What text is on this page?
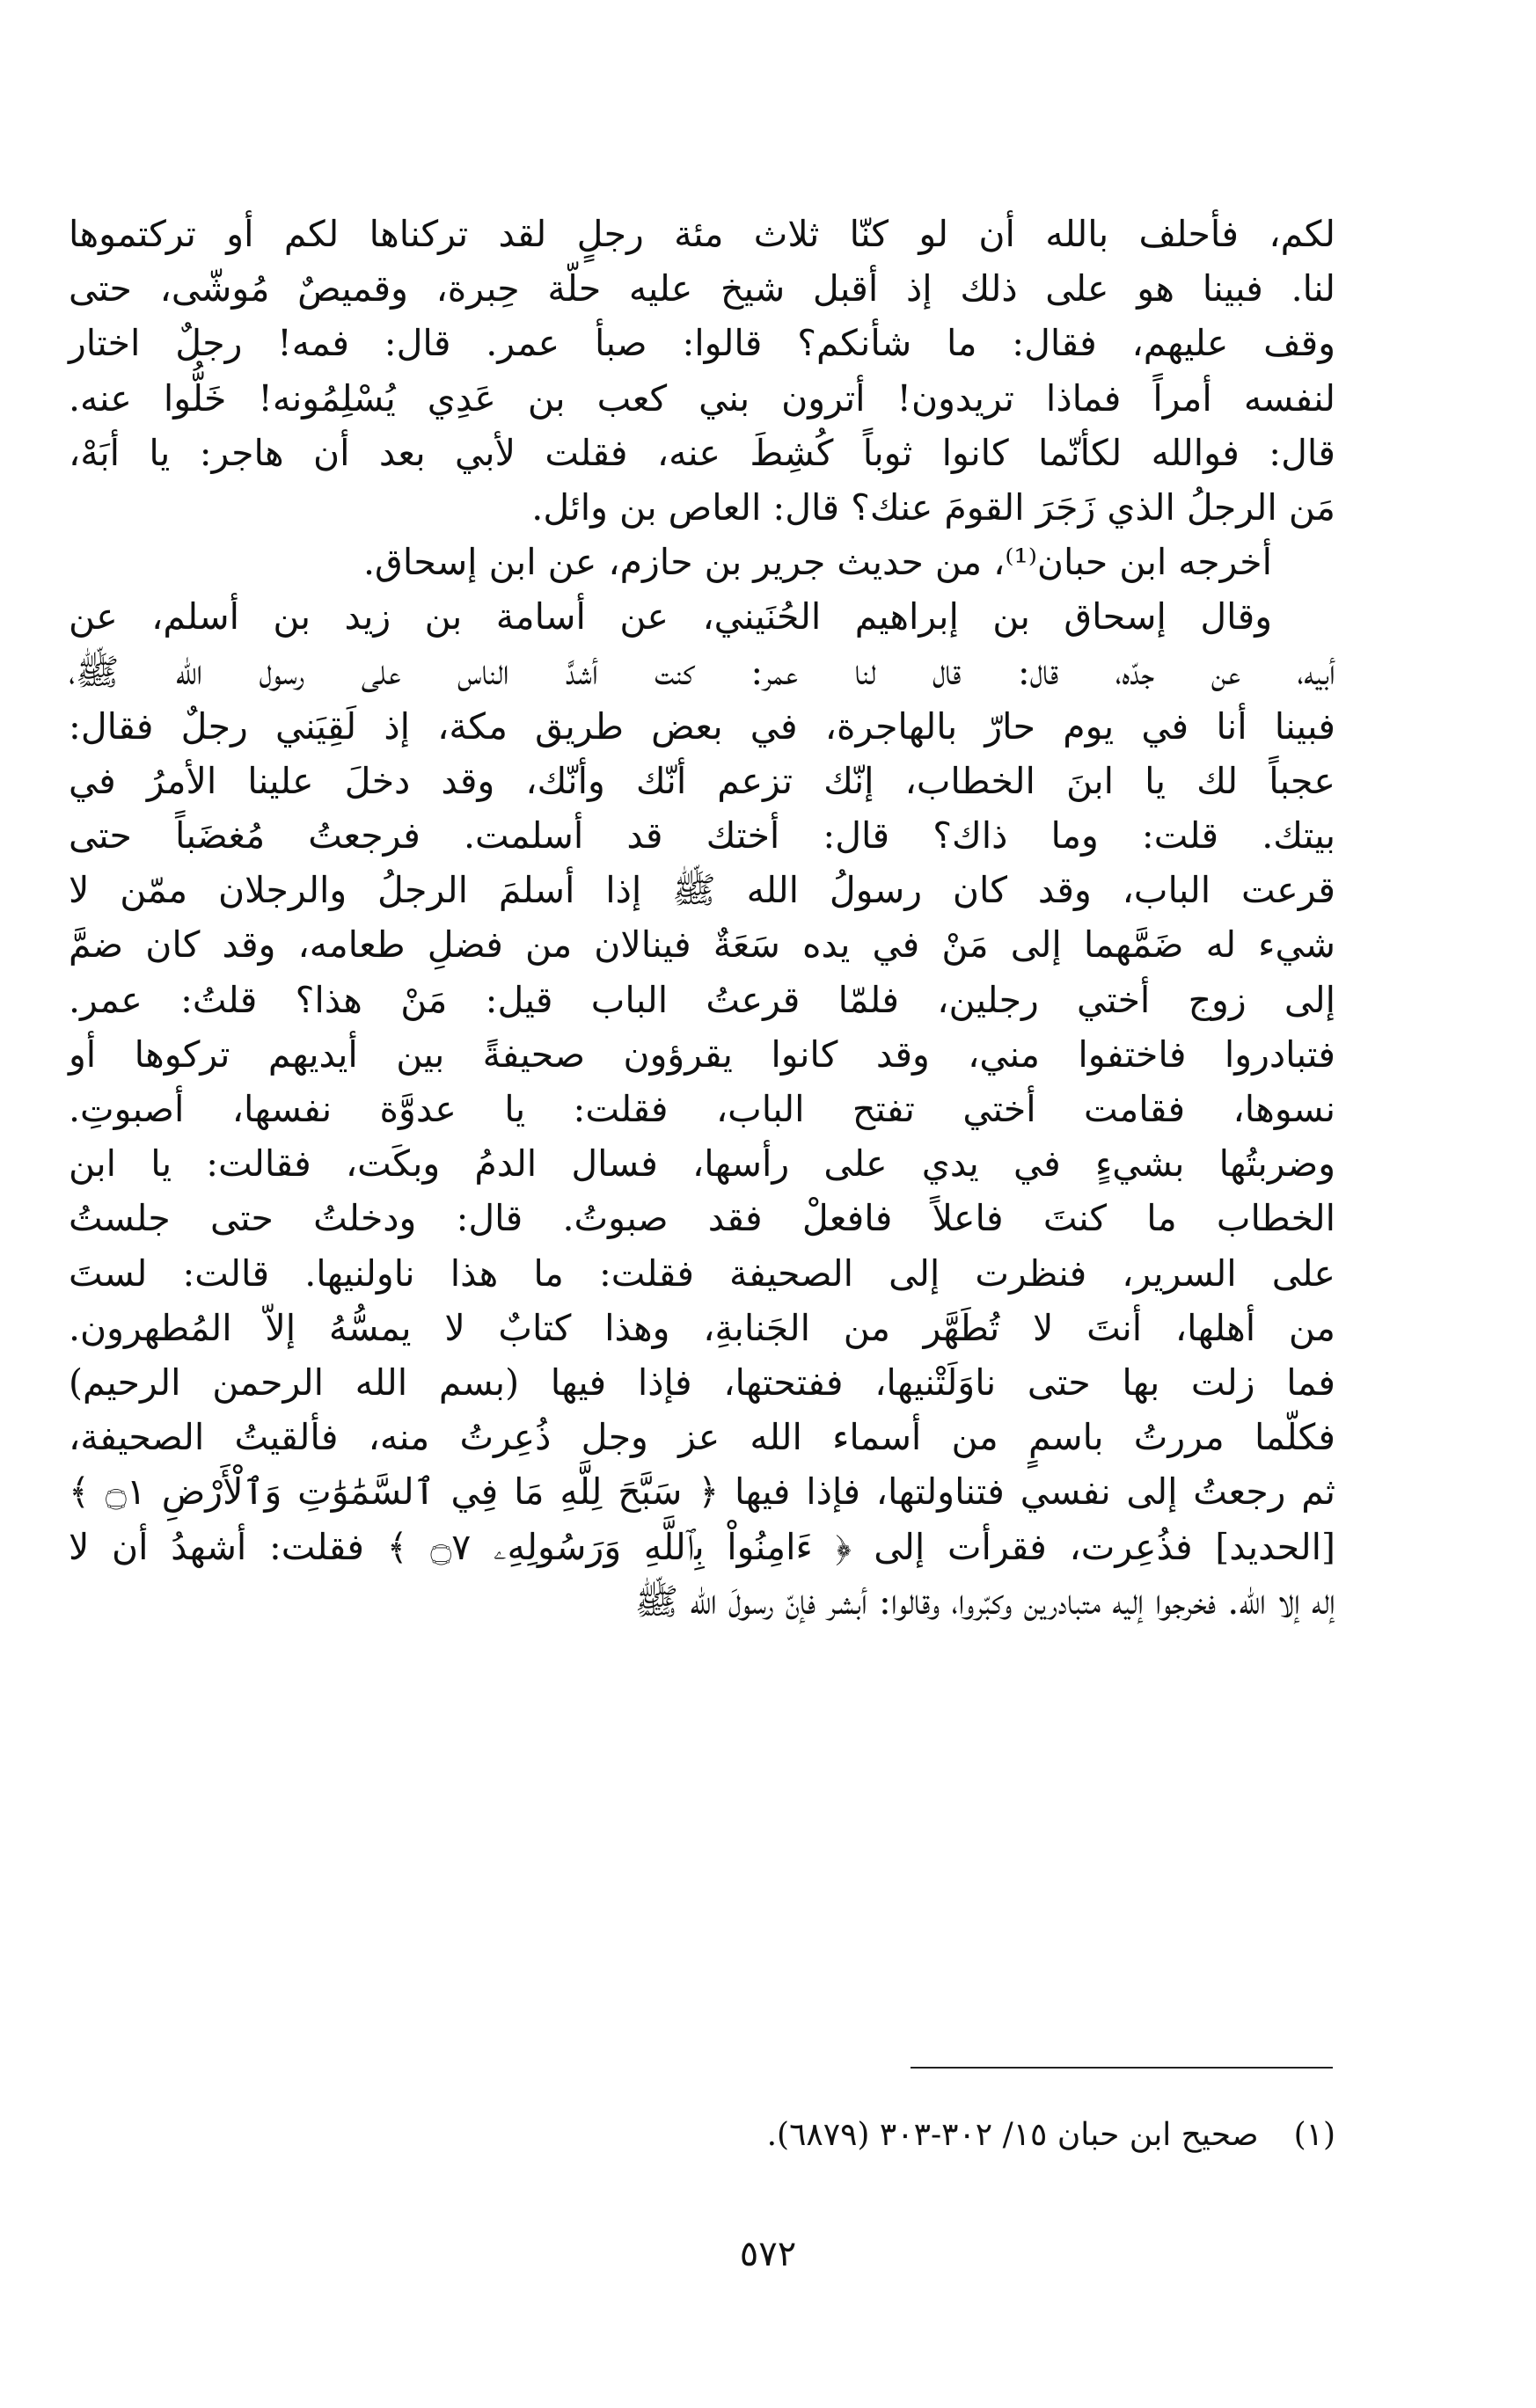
لكم، فأحلف بالله أن لو كنّا ثلاث مئة رجلٍ لقد تركناها لكم أو تركتموها
لنا. فبينا هو على ذلك إذ أقبل شيخ عليه حلّة حِبرة، وقميصٌ مُوشّى، حتى
وقف عليهم، فقال: ما شأنكم؟ قالوا: صبأ عمر. قال: فمه! رجلٌ اختار
لنفسه أمراً فماذا تريدون! أترون بني كعب بن عَدِي يُسْلِمُونه! خَلُّوا عنه.
قال: فوالله لكأنّما كانوا ثوباً كُشِطَ عنه، فقلت لأبي بعد أن هاجر: يا أبَهْ،
مَن الرجلُ الذي زَجَرَ القومَ عنك؟ قال: العاص بن وائل.
أخرجه ابن حبان⁽¹⁾، من حديث جرير بن حازم، عن ابن إسحاق.
وقال إسحاق بن إبراهيم الحُنَيني، عن أسامة بن زيد بن أسلم، عن
أبيه، عن جدّه، قال: قال لنا عمر: كنت أشدَّ الناس على رسول الله ﷺ،
فبينا أنا في يوم حارّ بالهاجرة، في بعض طريق مكة، إذ لَقِيَني رجلٌ فقال:
عجباً لك يا ابنَ الخطاب، إنّك تزعم أنّك وأنّك، وقد دخلَ علينا الأمرُ في
بيتك. قلت: وما ذاك؟ قال: أختك قد أسلمت. فرجعتُ مُغضَباً حتى
قرعت الباب، وقد كان رسولُ الله ﷺ إذا أسلمَ الرجلُ والرجلان ممّن لا
شيء له ضَمَّهما إلى مَنْ في يده سَعَةٌ فينالان من فضلِ طعامه، وقد كان ضمَّ
إلى زوج أختي رجلين، فلمّا قرعتُ الباب قيل: مَنْ هذا؟ قلتُ: عمر.
فتبادروا فاختفوا مني، وقد كانوا يقرؤون صحيفةً بين أيديهم تركوها أو
نسوها، فقامت أختي تفتح الباب، فقلت: يا عدوَّة نفسها، أصبوتِ.
وضربتُها بشيءٍ في يدي على رأسها، فسال الدمُ وبكَت، فقالت: يا ابن
الخطاب ما كنتَ فاعلاً فافعلْ فقد صبوتُ. قال: ودخلتُ حتى جلستُ
على السرير، فنظرت إلى الصحيفة فقلت: ما هذا ناولنيها. قالت: لستَ
من أهلها، أنتَ لا تُطَهَّر من الجَنابةِ، وهذا كتابٌ لا يمسُّهُ إلاّ المُطهرون.
فما زلت بها حتى ناوَلَتْنيها، ففتحتها، فإذا فيها (بسم الله الرحمن الرحيم)
فكلّما مررتُ باسمٍ من أسماء الله عز وجل ذُعِرتُ منه، فألقيتُ الصحيفة،
ثم رجعتُ إلى نفسي فتناولتها، فإذا فيها ﴿ سَبَّحَ لِلَّهِ مَا فِي ٱلسَّمَٰوَٰتِ وَٱلْأَرْضِ ۝١ ﴾
[الحديد] فذُعِرت، فقرأت إلى ﴿ ءَامِنُواْ بِٱللَّهِ وَرَسُولِهِۦ ۝٧ ﴾ فقلت: أشهدُ أن لا
إله إلا الله. فخرجوا إليه متبادرين وكبّروا، وقالوا: أبشر فإنّ رسولَ الله ﷺ
(١)صحيح ابن حبان ١٥/ ٣٠٢-٣٠٣ (٦٨٧٩).
٥٧٢
